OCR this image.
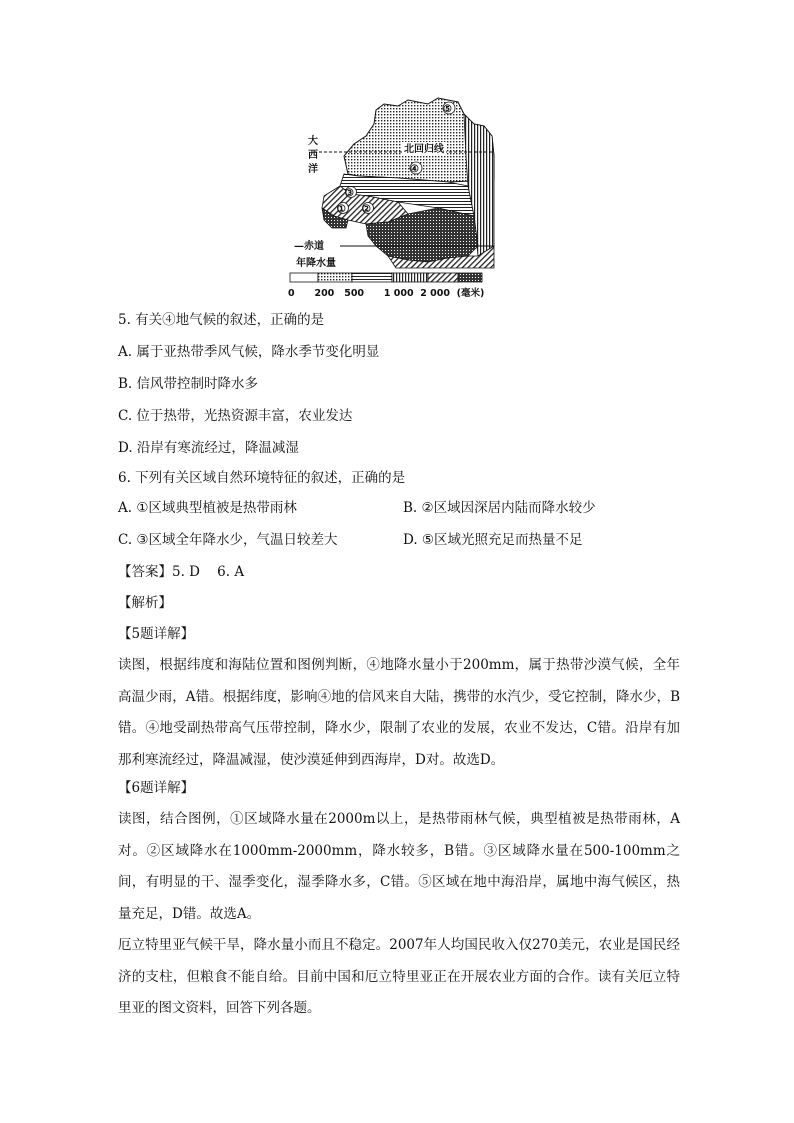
大
西
洋
北回归线
—赤道
⑤
④
③
① ②
年降水量
0      200   500      1 000  2 000  (毫米)
5. 有关④地气候的叙述，正确的是
A. 属于亚热带季风气候，降水季节变化明显
B. 信风带控制时降水多
C. 位于热带，光热资源丰富，农业发达
D. 沿岸有寒流经过，降温减湿
6. 下列有关区域自然环境特征的叙述，正确的是
A. ①区域典型植被是热带雨林	B. ②区域因深居内陆而降水较少
C. ③区域全年降水少，气温日较差大	D. ⑤区域光照充足而热量不足
【答案】5. D    6. A
【解析】
【5题详解】
读图，根据纬度和海陆位置和图例判断，④地降水量小于200mm，属于热带沙漠气候，全年高温少雨，A错。根据纬度，影响④地的信风来自大陆，携带的水汽少，受它控制，降水少，B错。④地受副热带高气压带控制，降水少，限制了农业的发展，农业不发达，C错。沿岸有加那利寒流经过，降温减湿，使沙漠延伸到西海岸，D对。故选D。
【6题详解】
读图，结合图例，①区域降水量在2000m以上，是热带雨林气候，典型植被是热带雨林，A对。②区域降水在1000mm-2000mm，降水较多，B错。③区域降水量在500-100mm之间，有明显的干、湿季变化，湿季降水多，C错。⑤区域在地中海沿岸，属地中海气候区，热量充足，D错。故选A。
厄立特里亚气候干旱，降水量小而且不稳定。2007年人均国民收入仅270美元，农业是国民经济的支柱，但粮食不能自给。目前中国和厄立特里亚正在开展农业方面的合作。读有关厄立特里亚的图文资料，回答下列各题。
